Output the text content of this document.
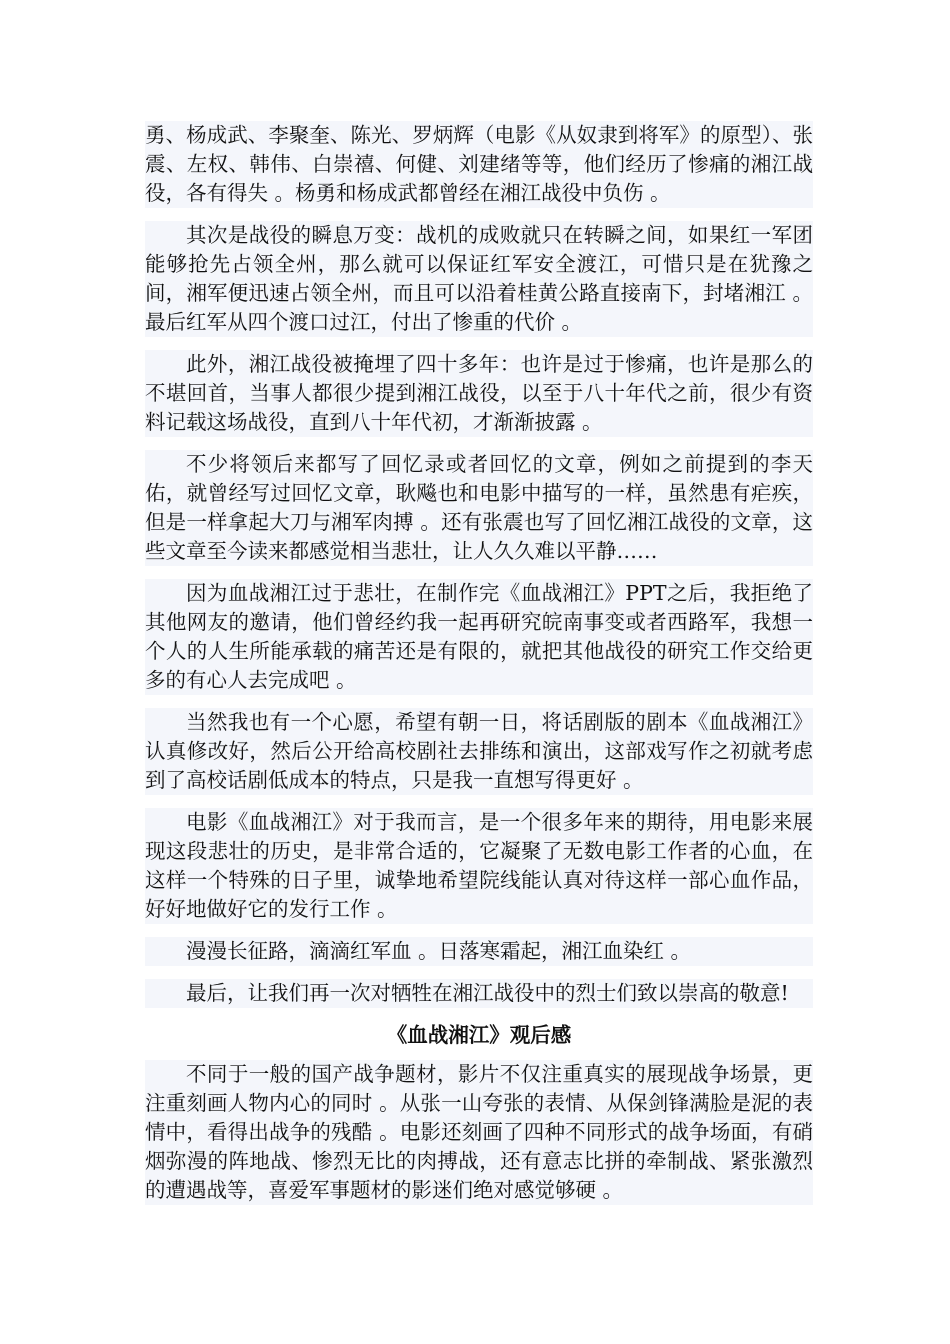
勇、杨成武、李聚奎、陈光、罗炳辉（电影《从奴隶到将军》的原型）、张震、左权、韩伟、白崇禧、何健、刘建绪等等，他们经历了惨痛的湘江战役，各有得失 。杨勇和杨成武都曾经在湘江战役中负伤 。

其次是战役的瞬息万变：战机的成败就只在转瞬之间，如果红一军团能够抢先占领全州，那么就可以保证红军安全渡江，可惜只是在犹豫之间，湘军便迅速占领全州，而且可以沿着桂黄公路直接南下，封堵湘江 。最后红军从四个渡口过江，付出了惨重的代价 。

此外，湘江战役被掩埋了四十多年：也许是过于惨痛，也许是那么的不堪回首，当事人都很少提到湘江战役，以至于八十年代之前，很少有资料记载这场战役，直到八十年代初，才渐渐披露 。

不少将领后来都写了回忆录或者回忆的文章，例如之前提到的李天佑，就曾经写过回忆文章，耿飚也和电影中描写的一样，虽然患有疟疾，但是一样拿起大刀与湘军肉搏 。还有张震也写了回忆湘江战役的文章，这些文章至今读来都感觉相当悲壮，让人久久难以平静……

因为血战湘江过于悲壮，在制作完《血战湘江》PPT之后，我拒绝了其他网友的邀请，他们曾经约我一起再研究皖南事变或者西路军，我想一个人的人生所能承载的痛苦还是有限的，就把其他战役的研究工作交给更多的有心人去完成吧 。

当然我也有一个心愿，希望有朝一日，将话剧版的剧本《血战湘江》认真修改好，然后公开给高校剧社去排练和演出，这部戏写作之初就考虑到了高校话剧低成本的特点，只是我一直想写得更好 。

电影《血战湘江》对于我而言，是一个很多年来的期待，用电影来展现这段悲壮的历史，是非常合适的，它凝聚了无数电影工作者的心血，在这样一个特殊的日子里，诚挚地希望院线能认真对待这样一部心血作品，好好地做好它的发行工作 。

漫漫长征路，滴滴红军血 。日落寒霜起，湘江血染红 。

最后，让我们再一次对牺牲在湘江战役中的烈士们致以崇高的敬意!

《血战湘江》观后感

不同于一般的国产战争题材，影片不仅注重真实的展现战争场景，更注重刻画人物内心的同时 。从张一山夸张的表情、从保剑锋满脸是泥的表情中，看得出战争的残酷 。电影还刻画了四种不同形式的战争场面，有硝烟弥漫的阵地战、惨烈无比的肉搏战，还有意志比拼的牵制战、紧张激烈的遭遇战等，喜爱军事题材的影迷们绝对感觉够硬 。
